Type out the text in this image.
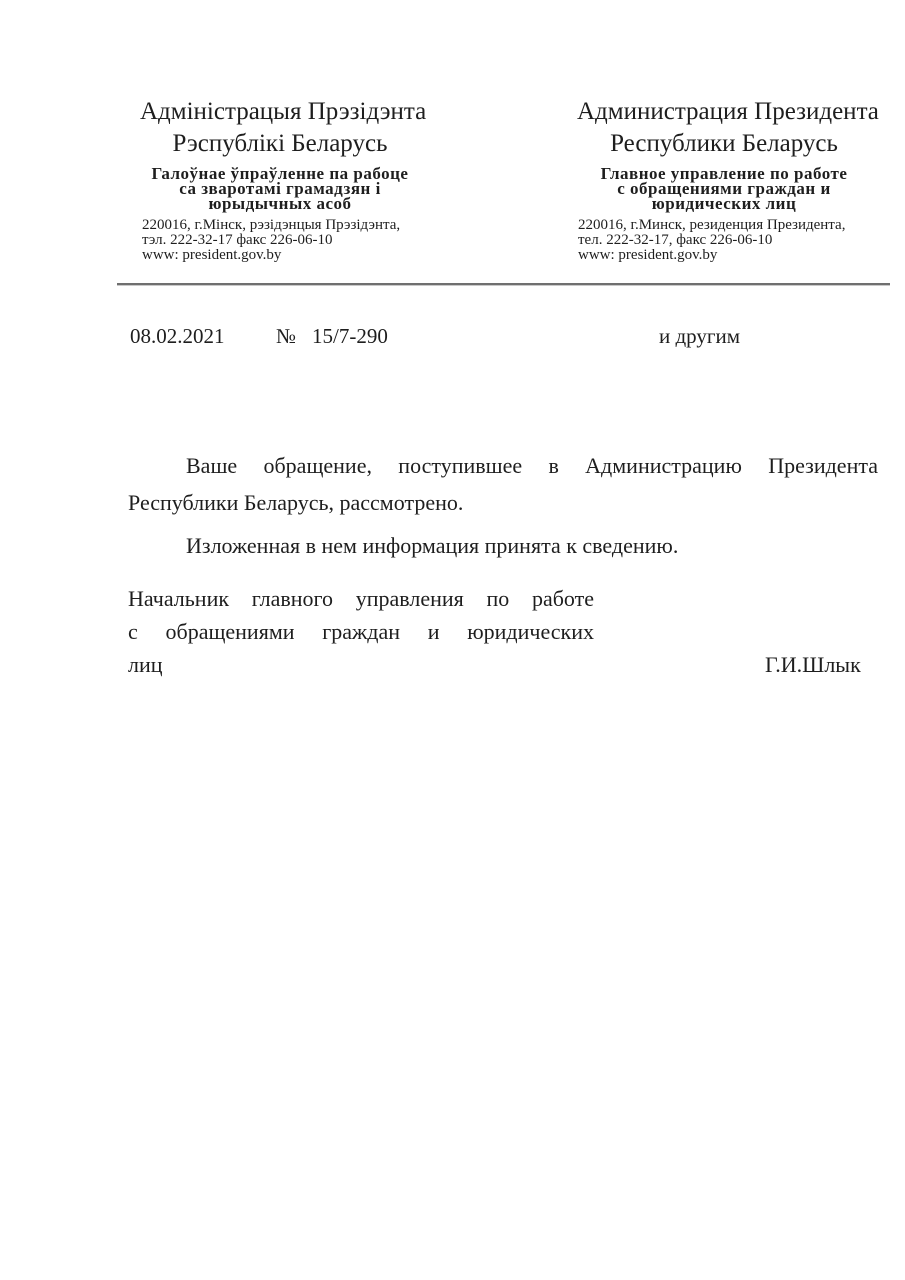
Адміністрацыя Прэзідэнта
Рэспублікі Беларусь
Галоўнае ўпраўленне па рабоце
са зваротамі грамадзян і
юрыдычных асоб
220016, г.Мінск, рэзідэнцыя Прэзідэнта,
тэл. 222-32-17 факс 226-06-10
www: president.gov.by
Администрация Президента
Республики Беларусь
Главное управление по работе
с обращениями граждан и
юридических лиц
220016, г.Минск, резиденция Президента,
тел. 222-32-17, факс 226-06-10
www: president.gov.by
08.02.2021 № 15/7-290	и другим
Ваше обращение, поступившее в Администрацию Президента
Республики Беларусь, рассмотрено.
Изложенная в нем информация принята к сведению.
Начальник главного управления по работе
с обращениями граждан и юридических
лиц	Г.И.Шлык
